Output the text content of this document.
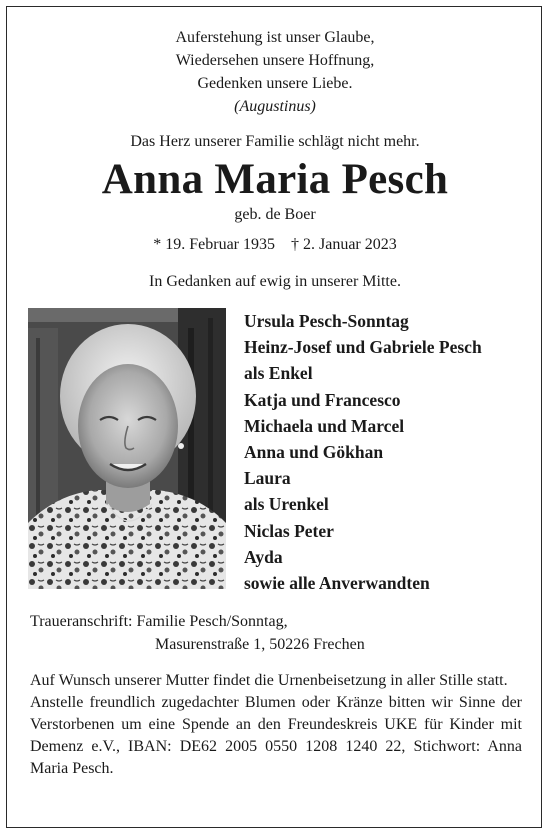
Auferstehung ist unser Glaube,
Wiedersehen unsere Hoffnung,
Gedenken unsere Liebe.
(Augustinus)
Das Herz unserer Familie schlägt nicht mehr.
Anna Maria Pesch
geb. de Boer
* 19. Februar 1935 † 2. Januar 2023
In Gedanken auf ewig in unserer Mitte.
Ursula Pesch-Sonntag
Heinz-Josef und Gabriele Pesch
als Enkel
Katja und Francesco
Michaela und Marcel
Anna und Gökhan
Laura
als Urenkel
Niclas Peter
Ayda
sowie alle Anverwandten
Traueranschrift: Familie Pesch/Sonntag,
Masurenstraße 1, 50226 Frechen

Auf Wunsch unserer Mutter findet die Urnenbeisetzung in aller Stille statt.

Anstelle freundlich zugedachter Blumen oder Kränze bitten wir Sinne der Verstorbenen um eine Spende an den Freundeskreis UKE für Kinder mit Demenz e.V., IBAN: DE62 2005 0550 1208 1240 22, Stichwort: Anna Maria Pesch.
